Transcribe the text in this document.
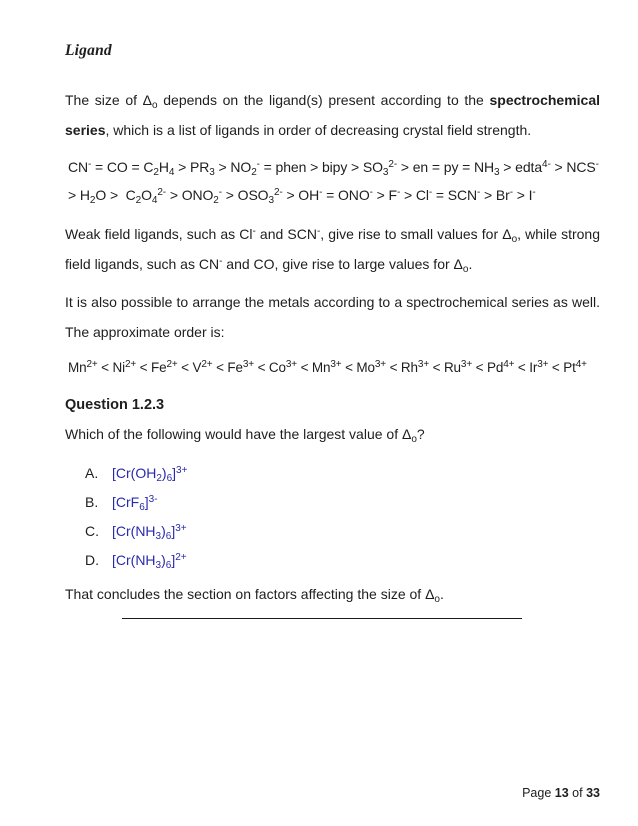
Ligand

The size of $\Delta_o$ depends on the ligand(s) present according to the spectrochemical series, which is a list of ligands in order of decreasing crystal field strength.

CN- = CO = $C_2H_4 > PR_3 > NO_2^-$ = phen > bipy > $SO_3^{2-}$ > en = py = $NH_3$ > edta$^{4-}$ > NCS-
> $H_2O > C_2O_4^{2-} > ONO_2^- > OSO_3^{2-} > OH^- = ONO^- > F^- > Cl^- = SCN^- > Br^- > I^-$

Weak field ligands, such as Cl- and SCN-, give rise to small values for $\Delta_o$, while strong field ligands, such as CN- and CO, give rise to large values for $\Delta_o$.

It is also possible to arrange the metals according to a spectrochemical series as well. The approximate order is:

$Mn^{2+} < Ni^{2+} < Fe^{2+} < V^{2+} < Fe^{3+} < Co^{3+} < Mn^{3+} < Mo^{3+} < Rh^{3+} < Ru^{3+} < Pd^{4+} < Ir^{3+} < Pt^{4+}$

Question 1.2.3

Which of the following would have the largest value of $\Delta_o$?

A. $[Cr(OH_2)_6]^{3+}$
B. $[CrF_6]^{3-}$
C. $[Cr(NH_3)_6]^{3+}$
D. $[Cr(NH_3)_6]^{2+}$

That concludes the section on factors affecting the size of $\Delta_o$.

Page 13 of 33
